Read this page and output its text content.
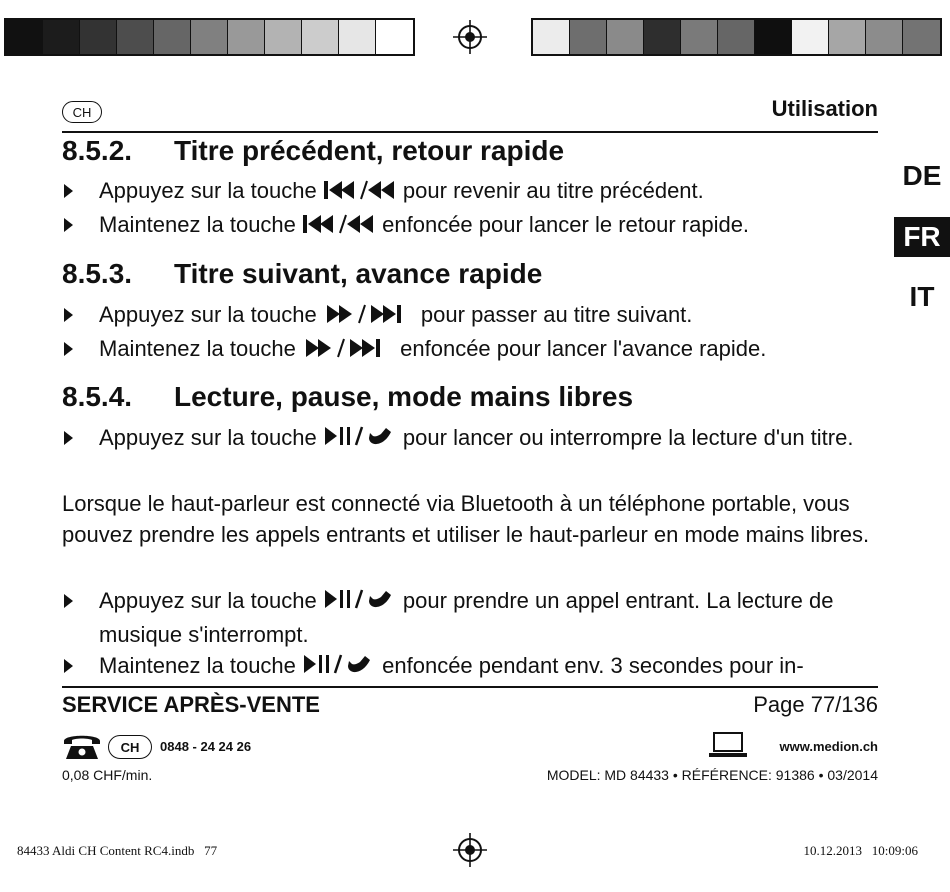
CH	Utilisation
DE
FR
IT
8.5.2. Titre précédent, retour rapide
Appuyez sur la touche	pour revenir au titre précédent.
Maintenez la touche	enfoncée pour lancer le retour rapide.
8.5.3. Titre suivant, avance rapide
Appuyez sur la touche	pour passer au titre suivant.
Maintenez la touche	enfoncée pour lancer l'avance rapide.
8.5.4. Lecture, pause, mode mains libres
Appuyez sur la touche	pour lancer ou interrompre la lecture d'un titre.
Lorsque le haut-parleur est connecté via Bluetooth à un téléphone portable, vous pouvez prendre les appels entrants et utiliser le haut-parleur en mode mains libres.
Appuyez sur la touche	pour prendre un appel entrant. La lecture de musique s'interrompt.
Maintenez la touche	enfoncée pendant env. 3 secondes pour in-
SERVICE APRÈS-VENTE	Page 77/136
CH	0848 - 24 24 26	www.medion.ch
0,08 CHF/min.	MODEL: MD 84433 • RÉFÉRENCE: 91386 • 03/2014
84433 Aldi CH Content RC4.indb   77	10.12.2013   10:09:06
